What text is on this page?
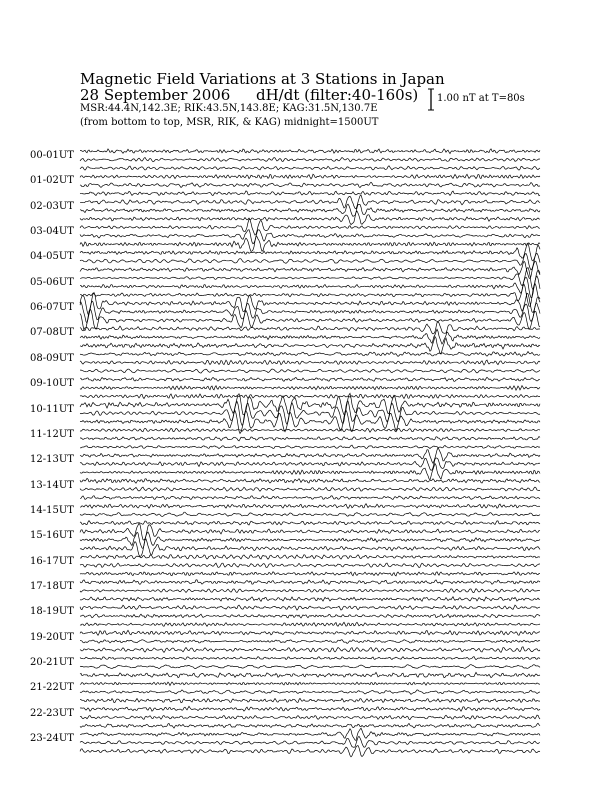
Magnetic Field Variations at 3 Stations in Japan
28 September 2006 dH/dt (filter:40-160s)
MSR:44.4N,142.3E; RIK:43.5N,143.8E; KAG:31.5N,130.7E
(from bottom to top, MSR, RIK, & KAG) midnight=1500UT
1.00 nT at T=80s
00-01UT
01-02UT
02-03UT
03-04UT
04-05UT
05-06UT
06-07UT
07-08UT
08-09UT
09-10UT
10-11UT
11-12UT
12-13UT
13-14UT
14-15UT
15-16UT
16-17UT
17-18UT
18-19UT
19-20UT
20-21UT
21-22UT
22-23UT
23-24UT
